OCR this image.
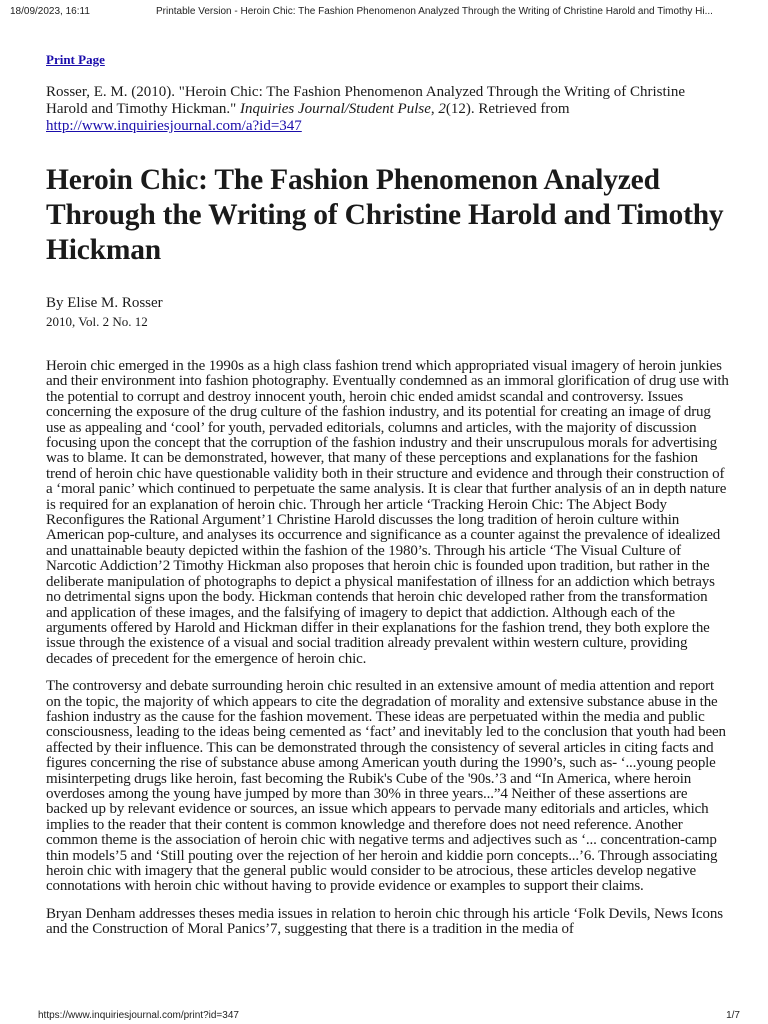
18/09/2023, 16:11	Printable Version - Heroin Chic: The Fashion Phenomenon Analyzed Through the Writing of Christine Harold and Timothy Hi...
Print Page

Rosser, E. M. (2010). "Heroin Chic: The Fashion Phenomenon Analyzed Through the Writing of Christine Harold and Timothy Hickman." Inquiries Journal/Student Pulse, 2(12). Retrieved from
http://www.inquiriesjournal.com/a?id=347

Heroin Chic: The Fashion Phenomenon Analyzed Through the Writing of Christine Harold and Timothy Hickman

By Elise M. Rosser

2010, Vol. 2 No. 12

Heroin chic emerged in the 1990s as a high class fashion trend which appropriated visual imagery of heroin junkies and their environment into fashion photography. Eventually condemned as an immoral glorification of drug use with the potential to corrupt and destroy innocent youth, heroin chic ended amidst scandal and controversy. Issues concerning the exposure of the drug culture of the fashion industry, and its potential for creating an image of drug use as appealing and ‘cool’ for youth, pervaded editorials, columns and articles, with the majority of discussion focusing upon the concept that the corruption of the fashion industry and their unscrupulous morals for advertising was to blame. It can be demonstrated, however, that many of these perceptions and explanations for the fashion trend of heroin chic have questionable validity both in their structure and evidence and through their construction of a ‘moral panic’ which continued to perpetuate the same analysis. It is clear that further analysis of an in depth nature is required for an explanation of heroin chic. Through her article ‘Tracking Heroin Chic: The Abject Body Reconfigures the Rational Argument’1 Christine Harold discusses the long tradition of heroin culture within American pop-culture, and analyses its occurrence and significance as a counter against the prevalence of idealized and unattainable beauty depicted within the fashion of the 1980’s. Through his article ‘The Visual Culture of Narcotic Addiction’2 Timothy Hickman also proposes that heroin chic is founded upon tradition, but rather in the deliberate manipulation of photographs to depict a physical manifestation of illness for an addiction which betrays no detrimental signs upon the body. Hickman contends that heroin chic developed rather from the transformation and application of these images, and the falsifying of imagery to depict that addiction. Although each of the arguments offered by Harold and Hickman differ in their explanations for the fashion trend, they both explore the issue through the existence of a visual and social tradition already prevalent within western culture, providing decades of precedent for the emergence of heroin chic.

The controversy and debate surrounding heroin chic resulted in an extensive amount of media attention and report on the topic, the majority of which appears to cite the degradation of morality and extensive substance abuse in the fashion industry as the cause for the fashion movement. These ideas are perpetuated within the media and public consciousness, leading to the ideas being cemented as ‘fact’ and inevitably led to the conclusion that youth had been affected by their influence. This can be demonstrated through the consistency of several articles in citing facts and figures concerning the rise of substance abuse among American youth during the 1990’s, such as- ‘...young people misinterpeting drugs like heroin, fast becoming the Rubik's Cube of the '90s.’3 and “In America, where heroin overdoses among the young have jumped by more than 30% in three years...”4 Neither of these assertions are backed up by relevant evidence or sources, an issue which appears to pervade many editorials and articles, which implies to the reader that their content is common knowledge and therefore does not need reference. Another common theme is the association of heroin chic with negative terms and adjectives such as ‘... concentration-camp thin models’5 and ‘Still pouting over the rejection of her heroin and kiddie porn concepts...’6. Through associating heroin chic with imagery that the general public would consider to be atrocious, these articles develop negative connotations with heroin chic without having to provide evidence or examples to support their claims.

Bryan Denham addresses theses media issues in relation to heroin chic through his article ‘Folk Devils, News Icons and the Construction of Moral Panics’7, suggesting that there is a tradition in the media of

https://www.inquiriesjournal.com/print?id=347	1/7
